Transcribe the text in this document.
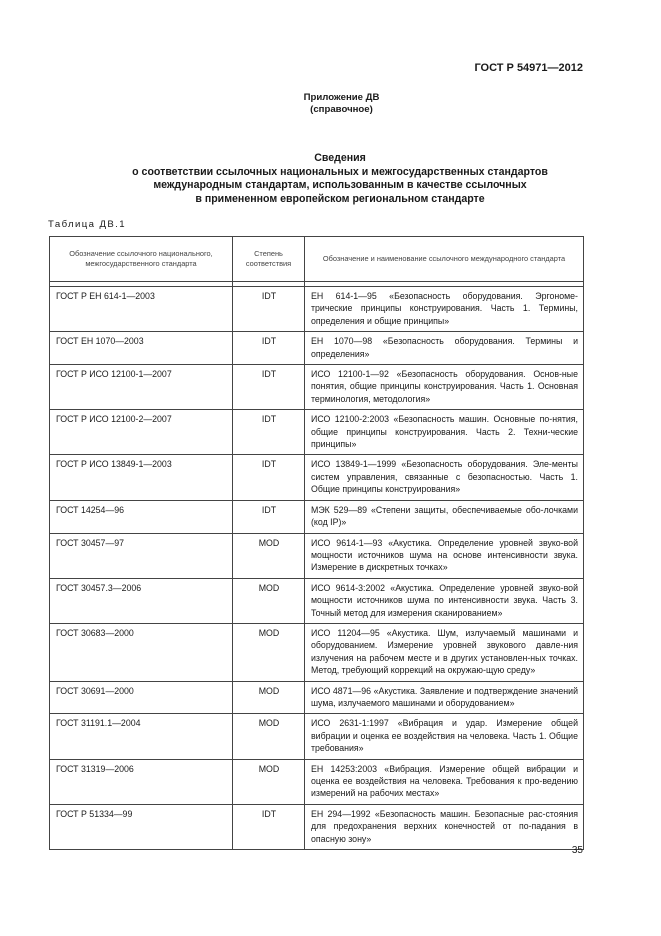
ГОСТ Р 54971—2012
Приложение ДВ
(справочное)
Сведения
о соответствии ссылочных национальных и межгосударственных стандартов
международным стандартам, использованным в качестве ссылочных
в примененном европейском региональном стандарте
Таблица ДВ.1
Обозначение ссылочного национального, межгосударственного стандарта	Степень соответствия	Обозначение и наименование ссылочного международного стандарта

ГОСТ Р ЕН 614-1—2003	IDT	ЕН 614-1—95 «Безопасность оборудования. Эргономе-трические принципы конструирования. Часть 1. Термины, определения и общие принципы»
ГОСТ ЕН 1070—2003	IDT	ЕН 1070—98 «Безопасность оборудования. Термины и определения»
ГОСТ Р ИСО 12100-1—2007	IDT	ИСО 12100-1—92 «Безопасность оборудования. Основ-ные понятия, общие принципы конструирования. Часть 1. Основная терминология, методология»
ГОСТ Р ИСО 12100-2—2007	IDT	ИСО 12100-2:2003 «Безопасность машин. Основные по-нятия, общие принципы конструирования. Часть 2. Техни-ческие принципы»
ГОСТ Р ИСО 13849-1—2003	IDT	ИСО 13849-1—1999 «Безопасность оборудования. Эле-менты систем управления, связанные с безопасностью. Часть 1. Общие принципы конструирования»
ГОСТ 14254—96	IDT	МЭК 529—89 «Степени защиты, обеспечиваемые обо-лочками (код IP)»
ГОСТ 30457—97	MOD	ИСО 9614-1—93 «Акустика. Определение уровней звуко-вой мощности источников шума на основе интенсивности звука. Измерение в дискретных точках»
ГОСТ 30457.3—2006	MOD	ИСО 9614-3:2002 «Акустика. Определение уровней звуко-вой мощности источников шума по интенсивности звука. Часть 3. Точный метод для измерения сканированием»
ГОСТ 30683—2000	MOD	ИСО 11204—95 «Акустика. Шум, излучаемый машинами и оборудованием. Измерение уровней звукового давле-ния излучения на рабочем месте и в других установлен-ных точках. Метод, требующий коррекций на окружаю-щую среду»
ГОСТ 30691—2000	MOD	ИСО 4871—96 «Акустика. Заявление и подтверждение значений шума, излучаемого машинами и оборудованием»
ГОСТ 31191.1—2004	MOD	ИСО 2631-1:1997 «Вибрация и удар. Измерение общей вибрации и оценка ее воздействия на человека. Часть 1. Общие требования»
ГОСТ 31319—2006	MOD	ЕН 14253:2003 «Вибрация. Измерение общей вибрации и оценка ее воздействия на человека. Требования к про-ведению измерений на рабочих местах»
ГОСТ Р 51334—99	IDT	ЕН 294—1992 «Безопасность машин. Безопасные рас-стояния для предохранения верхних конечностей от по-падания в опасную зону»
35
